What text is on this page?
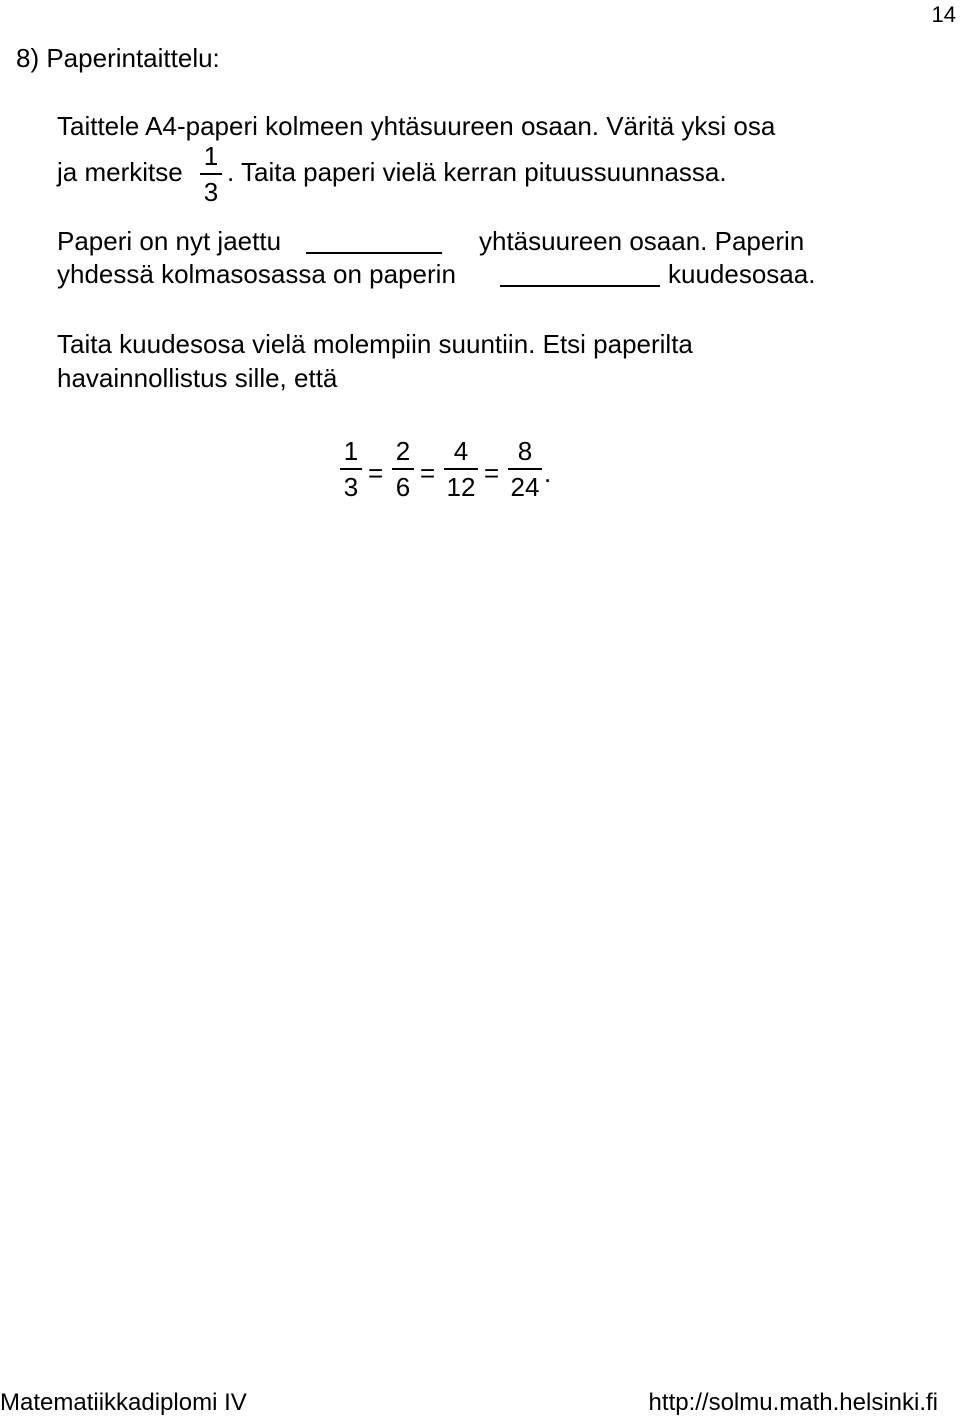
14
8) Paperintaittelu:
Taittele A4-paperi kolmeen yhtäsuureen osaan. Väritä yksi osa
ja merkitse
1
3
. Taita paperi vielä kerran pituussuunnassa.
Paperi on nyt jaettu	yhtäsuureen osaan. Paperin
yhdessä kolmasosassa on paperin	kuudesosaa.
Taita kuudesosa vielä molempiin suuntiin. Etsi paperilta
havainnollistus sille, että
1
3 =
2
6 =
4
12 =
8
24 .
Matematiikkadiplomi IV	http://solmu.math.helsinki.fi
